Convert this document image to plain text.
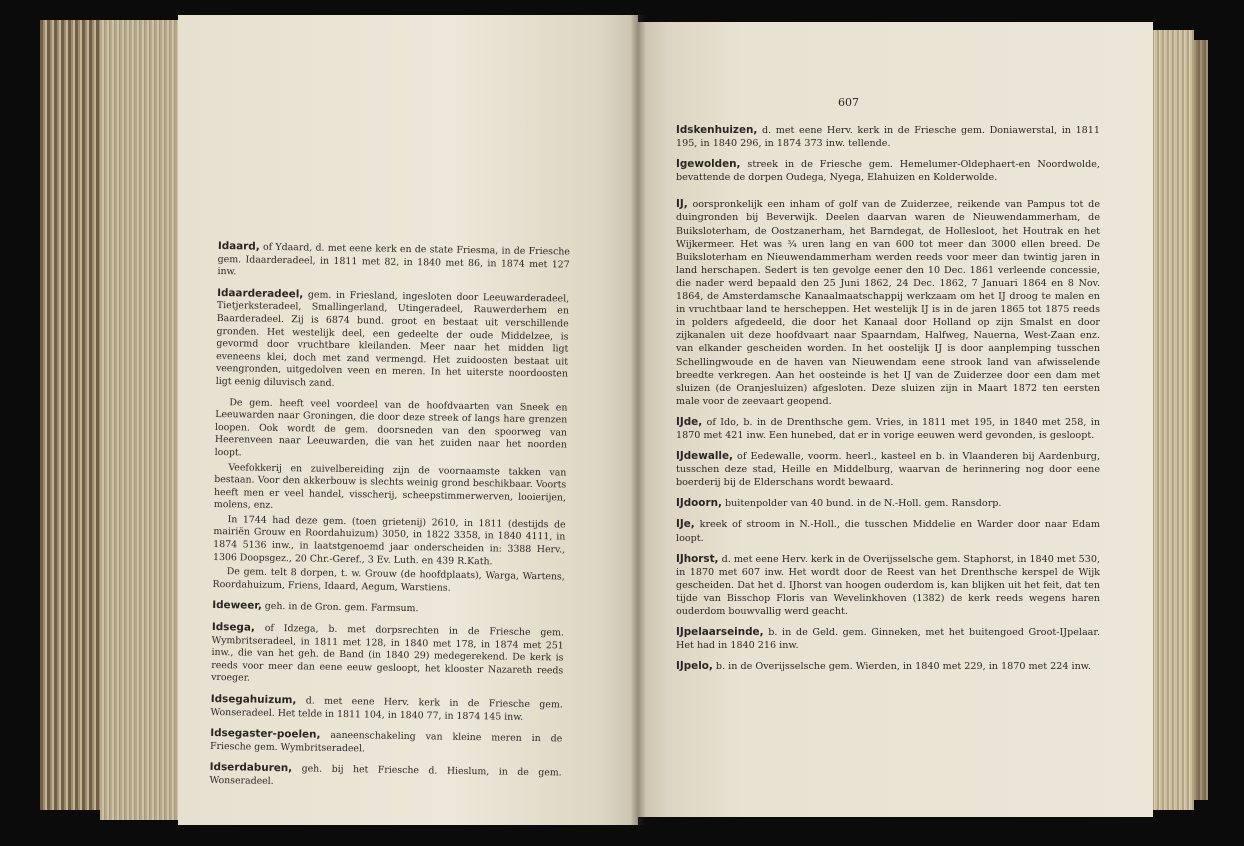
Idaard, of Ydaard, d. met eene kerk en de state Friesma, in de Friesche gem. Idaarderadeel, in 1811 met 82, in 1840 met 86, in 1874 met 127 inw.

Idaarderadeel, gem. in Friesland, ingesloten door Leeuwarderadeel, Tietjerksteradeel, Smallingerland, Utingeradeel, Rauwerderhem en Baarderadeel. Zij is 6874 bund. groot en bestaat uit verschillende gronden. Het westelijk deel, een gedeelte der oude Middelzee, is gevormd door vruchtbare kleilanden. Meer naar het midden ligt eveneens klei, doch met zand vermengd. Het zuidoosten bestaat uit veengronden, uitgedolven veen en meren. In het uiterste noordoosten ligt eenig diluvisch zand.

De gem. heeft veel voordeel van de hoofdvaarten van Sneek en Leeuwarden naar Groningen, die door deze streek of langs hare grenzen loopen. Ook wordt de gem. doorsneden van den spoorweg van Heerenveen naar Leeuwarden, die van het zuiden naar het noorden loopt.

Veefokkerij en zuivelbereiding zijn de voornaamste takken van bestaan. Voor den akkerbouw is slechts weinig grond beschikbaar. Voorts heeft men er veel handel, visscherij, scheepstimmerwerven, looierijen, molens, enz.

In 1744 had deze gem. (toen grietenij) 2610, in 1811 (destijds de mairiën Grouw en Roordahuizum) 3050, in 1822 3358, in 1840 4111, in 1874 5136 inw., in laatstgenoemd jaar onderscheiden in: 3388 Herv., 1306 Doopsgez., 20 Chr.-Geref., 3 Ev. Luth. en 439 R.Kath.

De gem. telt 8 dorpen, t. w. Grouw (de hoofdplaats), Warga, Wartens, Roordahuizum, Friens, Idaard, Aegum, Warstiens.

Ideweer, geh. in de Gron. gem. Farmsum.

Idsega, of Idzega, b. met dorpsrechten in de Friesche gem. Wymbritseradeel, in 1811 met 128, in 1840 met 178, in 1874 met 251 inw., die van het geh. de Band (in 1840 29) medegerekend. De kerk is reeds voor meer dan eene eeuw gesloopt, het klooster Nazareth reeds vroeger.

Idsegahuizum, d. met eene Herv. kerk in de Friesche gem. Wonseradeel. Het telde in 1811 104, in 1840 77, in 1874 145 inw.

Idsegaster-poelen, aaneenschakeling van kleine meren in de Friesche gem. Wymbritseradeel.

Idserdaburen, geh. bij het Friesche d. Hieslum, in de gem. Wonseradeel.

607

Idskenhuizen, d. met eene Herv. kerk in de Friesche gem. Doniawerstal, in 1811 195, in 1840 296, in 1874 373 inw. tellende.

Igewolden, streek in de Friesche gem. Hemelumer-Oldephaert-en Noordwolde, bevattende de dorpen Oudega, Nyega, Elahuizen en Kolderwolde.

IJ, oorspronkelijk een inham of golf van de Zuiderzee, reikende van Pampus tot de duingronden bij Beverwijk. Deelen daarvan waren de Nieuwendammerham, de Buiksloterham, de Oostzanerham, het Barndegat, de Hollesloot, het Houtrak en het Wijkermeer. Het was ¾ uren lang en van 600 tot meer dan 3000 ellen breed. De Buiksloterham en Nieuwendammerham werden reeds voor meer dan twintig jaren in land herschapen. Sedert is ten gevolge eener den 10 Dec. 1861 verleende concessie, die nader werd bepaald den 25 Juni 1862, 24 Dec. 1862, 7 Januari 1864 en 8 Nov. 1864, de Amsterdamsche Kanaalmaatschappij werkzaam om het IJ droog te malen en in vruchtbaar land te herscheppen. Het westelijk IJ is in de jaren 1865 tot 1875 reeds in polders afgedeeld, die door het Kanaal door Holland op zijn Smalst en door zijkanalen uit deze hoofdvaart naar Spaarndam, Halfweg, Nauerna, West-Zaan enz. van elkander gescheiden worden. In het oostelijk IJ is door aanplemping tusschen Schellingwoude en de haven van Nieuwendam eene strook land van afwisselende breedte verkregen. Aan het oosteinde is het IJ van de Zuiderzee door een dam met sluizen (de Oranjesluizen) afgesloten. Deze sluizen zijn in Maart 1872 ten eersten male voor de zeevaart geopend.

IJde, of Ido, b. in de Drenthsche gem. Vries, in 1811 met 195, in 1840 met 258, in 1870 met 421 inw. Een hunebed, dat er in vorige eeuwen werd gevonden, is gesloopt.

IJdewalle, of Eedewalle, voorm. heerl., kasteel en b. in Vlaanderen bij Aardenburg, tusschen deze stad, Heille en Middelburg, waarvan de herinnering nog door eene boerderij bij de Elderschans wordt bewaard.

IJdoorn, buitenpolder van 40 bund. in de N.-Holl. gem. Ransdorp.

IJe, kreek of stroom in N.-Holl., die tusschen Middelie en Warder door naar Edam loopt.

IJhorst, d. met eene Herv. kerk in de Overijsselsche gem. Staphorst, in 1840 met 530, in 1870 met 607 inw. Het wordt door de Reest van het Drenthsche kerspel de Wijk gescheiden. Dat het d. IJhorst van hoogen ouderdom is, kan blijken uit het feit, dat ten tijde van Bisschop Floris van Wevelinkhoven (1382) de kerk reeds wegens haren ouderdom bouwvallig werd geacht.

IJpelaarseinde, b. in de Geld. gem. Ginneken, met het buitengoed Groot-IJpelaar. Het had in 1840 216 inw.

IJpelo, b. in de Overijsselsche gem. Wierden, in 1840 met 229, in 1870 met 224 inw.
